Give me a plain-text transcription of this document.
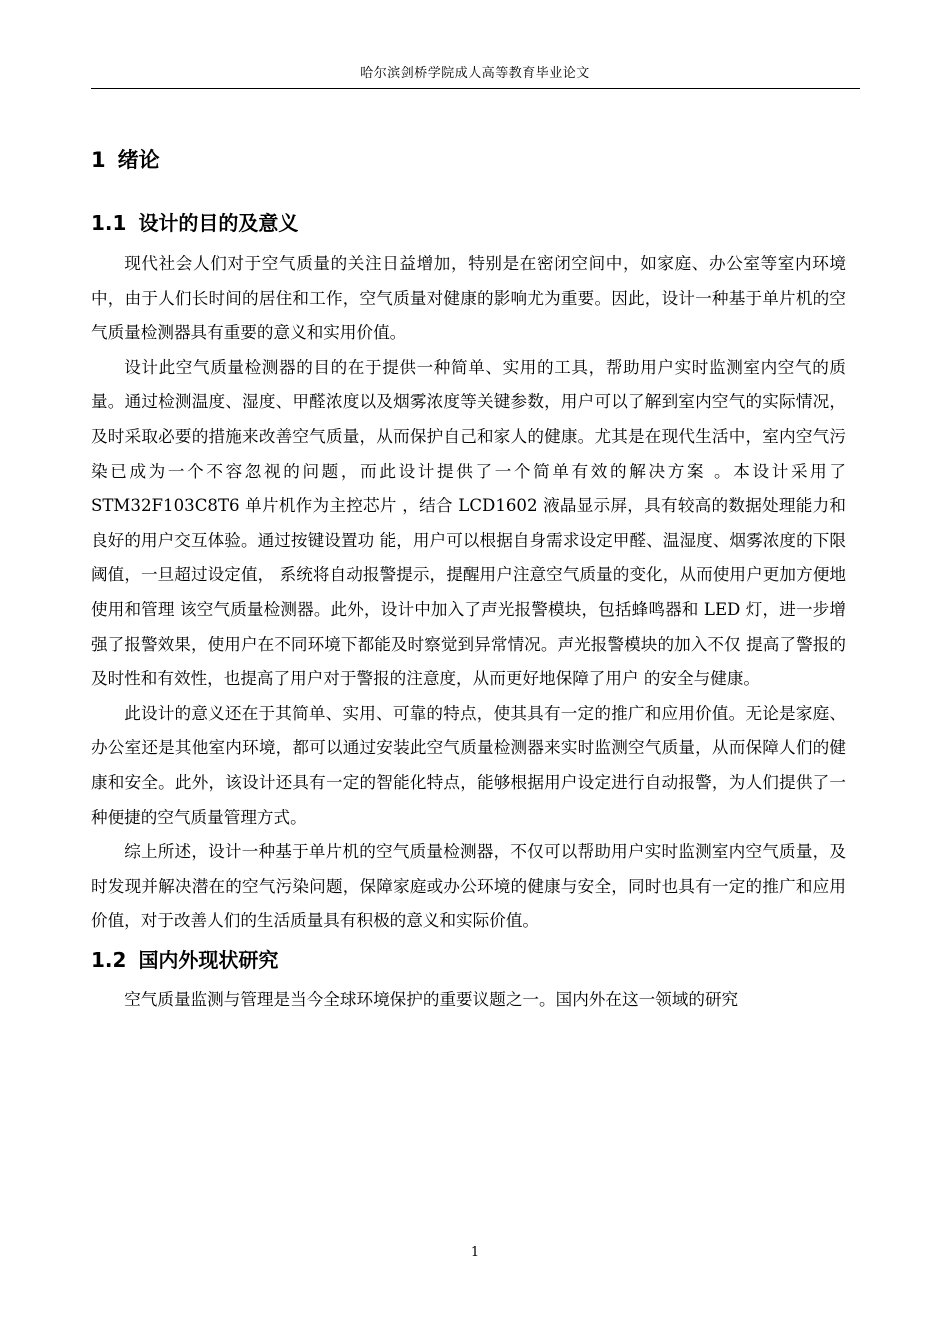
哈尔滨剑桥学院成人高等教育毕业论文
1 绪论
1.1 设计的目的及意义

现代社会人们对于空气质量的关注日益增加，特别是在密闭空间中，如家庭、办公室等室内环境中，由于人们长时间的居住和工作，空气质量对健康的影响尤为重要。因此，设计一种基于单片机的空气质量检测器具有重要的意义和实用价值。

设计此空气质量检测器的目的在于提供一种简单、实用的工具，帮助用户实时监测室内空气的质量。通过检测温度、湿度、甲醛浓度以及烟雾浓度等关键参数，用户可以了解到室内空气的实际情况，及时采取必要的措施来改善空气质量，从而保护自己和家人的健康。尤其是在现代生活中，室内空气污染已成为一个不容忽视的问题，而此设计提供了一个简单有效的解决方案 。本设计采用了 STM32F103C8T6 单片机作为主控芯片 ，结合 LCD1602 液晶显示屏，具有较高的数据处理能力和良好的用户交互体验。通过按键设置功 能，用户可以根据自身需求设定甲醛、温湿度、烟雾浓度的下限阈值，一旦超过设定值， 系统将自动报警提示，提醒用户注意空气质量的变化，从而使用户更加方便地使用和管理 该空气质量检测器。此外，设计中加入了声光报警模块，包括蜂鸣器和 LED 灯，进一步增 强了报警效果，使用户在不同环境下都能及时察觉到异常情况。声光报警模块的加入不仅 提高了警报的及时性和有效性，也提高了用户对于警报的注意度，从而更好地保障了用户 的安全与健康。

此设计的意义还在于其简单、实用、可靠的特点，使其具有一定的推广和应用价值。无论是家庭、办公室还是其他室内环境，都可以通过安装此空气质量检测器来实时监测空气质量，从而保障人们的健康和安全。此外，该设计还具有一定的智能化特点，能够根据用户设定进行自动报警，为人们提供了一种便捷的空气质量管理方式。

综上所述，设计一种基于单片机的空气质量检测器，不仅可以帮助用户实时监测室内空气质量，及时发现并解决潜在的空气污染问题，保障家庭或办公环境的健康与安全，同时也具有一定的推广和应用价值，对于改善人们的生活质量具有积极的意义和实际价值。

1.2 国内外现状研究

空气质量监测与管理是当今全球环境保护的重要议题之一。国内外在这一领域的研究

1
